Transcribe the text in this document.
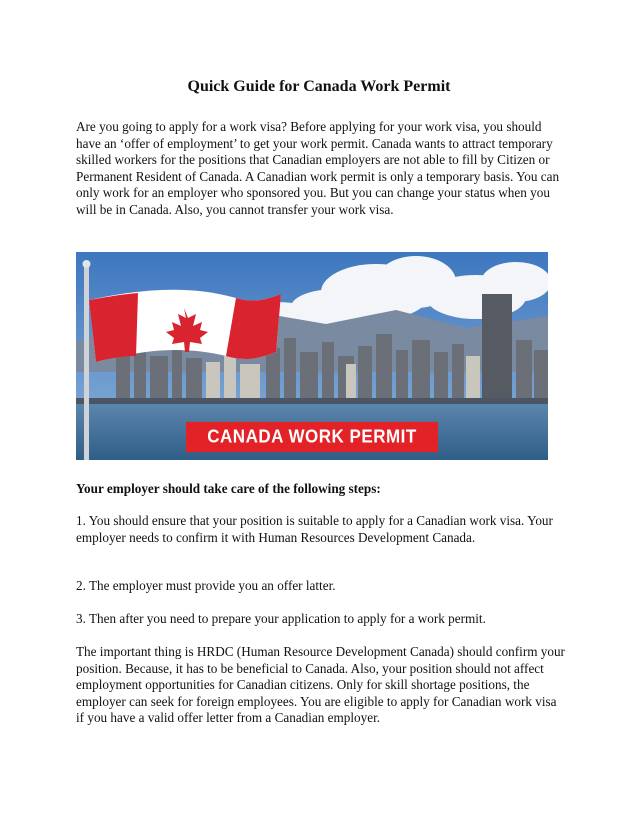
Quick Guide for Canada Work Permit

Are you going to apply for a work visa? Before applying for your work visa, you should have an ‘offer of employment’ to get your work permit. Canada wants to attract temporary skilled workers for the positions that Canadian employers are not able to fill by Citizen or Permanent Resident of Canada. A Canadian work permit is only a temporary basis. You can only work for an employer who sponsored you. But you can change your status when you will be in Canada. Also, you cannot transfer your work visa.

CANADA WORK PERMIT

Your employer should take care of the following steps:

1. You should ensure that your position is suitable to apply for a Canadian work visa. Your employer needs to confirm it with Human Resources Development Canada.

2. The employer must provide you an offer latter.

3. Then after you need to prepare your application to apply for a work permit.

The important thing is HRDC (Human Resource Development Canada) should confirm your position. Because, it has to be beneficial to Canada. Also, your position should not affect employment opportunities for Canadian citizens. Only for skill shortage positions, the employer can seek for foreign employees. You are eligible to apply for Canadian work visa if you have a valid offer letter from a Canadian employer.
